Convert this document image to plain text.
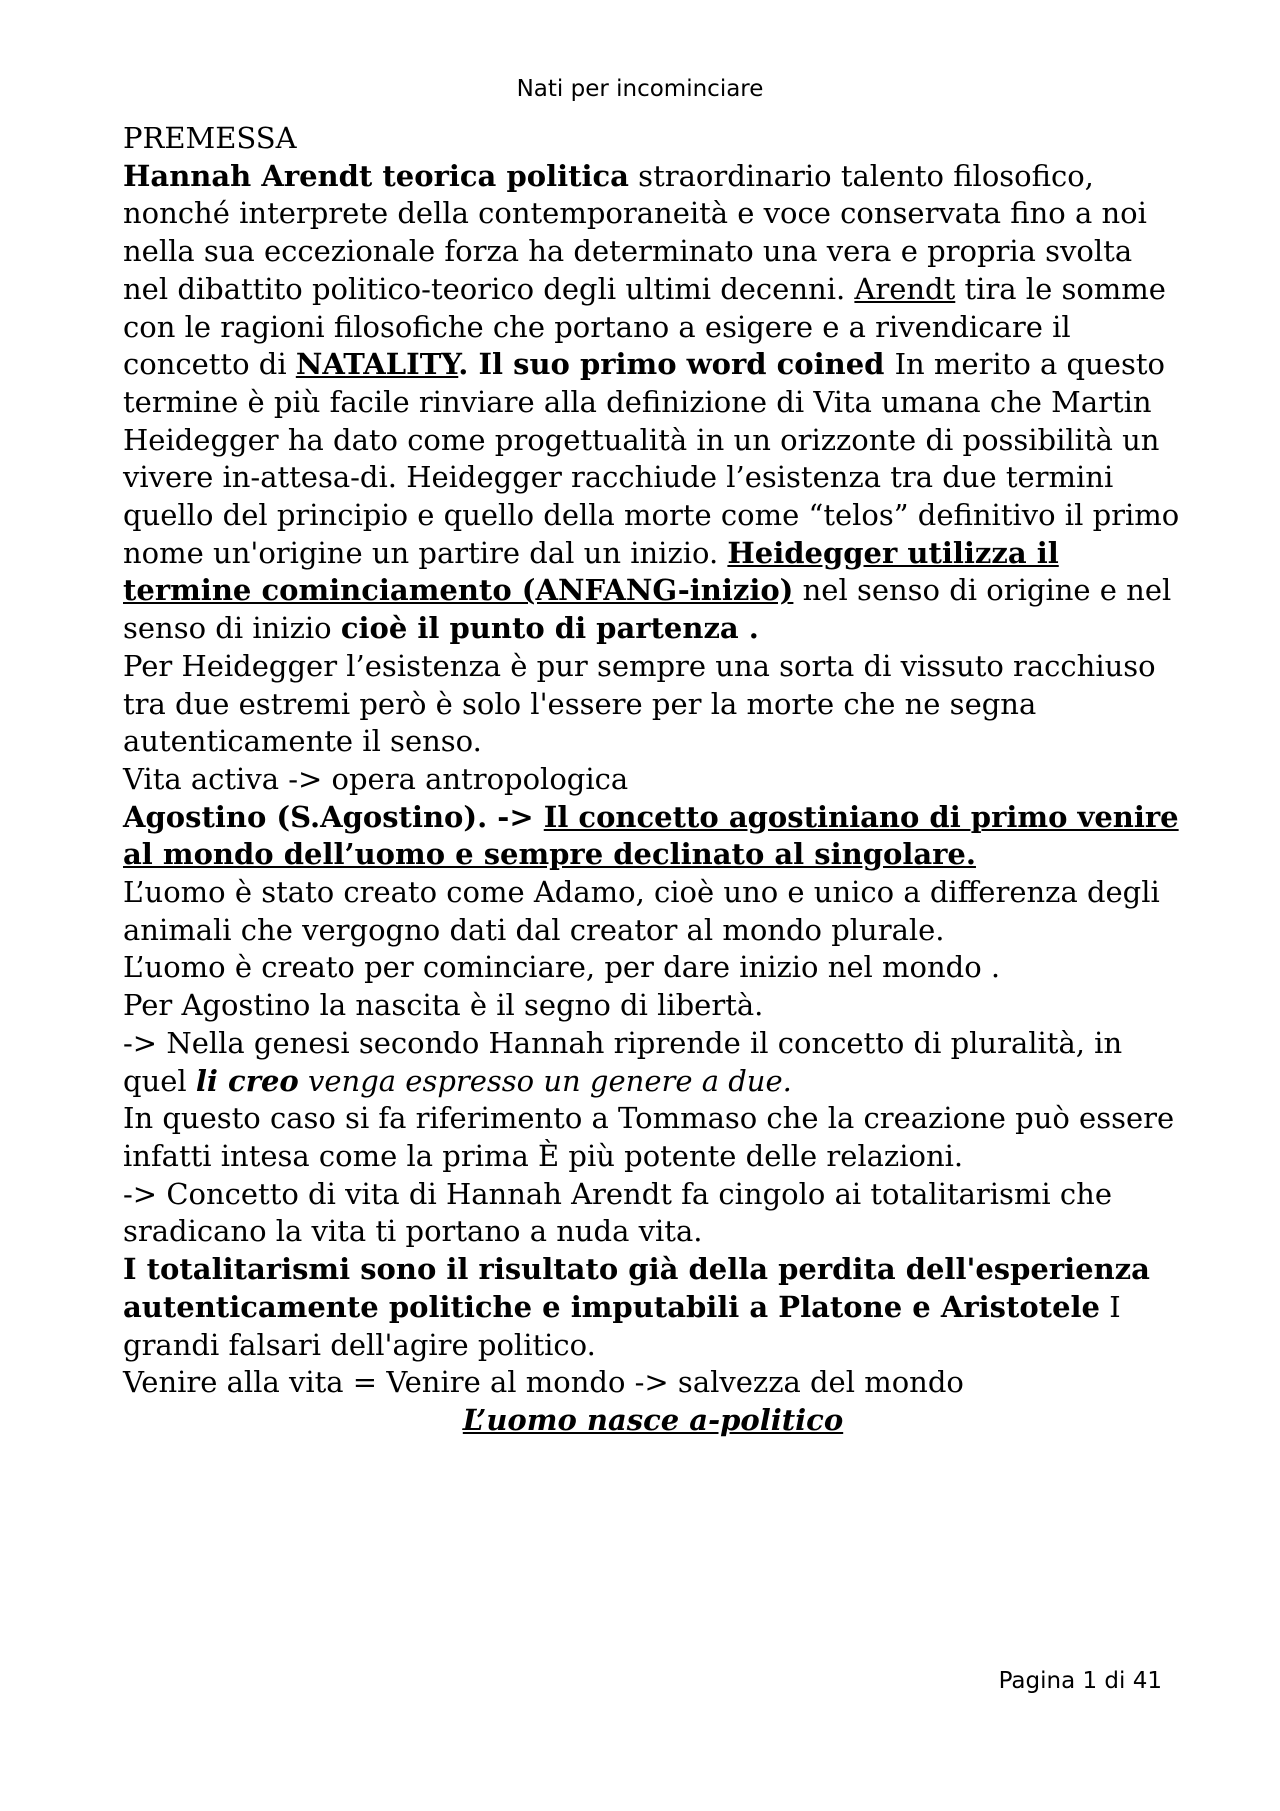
Nati per incominciare

PREMESSA

Hannah Arendt teorica politica straordinario talento filosofico, nonché interprete della contemporaneità e voce conservata fino a noi nella sua eccezionale forza ha determinato una vera e propria svolta nel dibattito politico-teorico degli ultimi decenni. Arendt tira le somme con le ragioni filosofiche che portano a esigere e a rivendicare il concetto di NATALITY. Il suo primo word coined In merito a questo termine è più facile rinviare alla definizione di Vita umana che Martin Heidegger ha dato come progettualità in un orizzonte di possibilità un vivere in-attesa-di. Heidegger racchiude l’esistenza tra due termini quello del principio e quello della morte come “telos” definitivo il primo nome un'origine un partire dal un inizio. Heidegger utilizza il termine cominciamento (ANFANG-inizio) nel senso di origine e nel senso di inizio cioè il punto di partenza .

Per Heidegger l’esistenza è pur sempre una sorta di vissuto racchiuso tra due estremi però è solo l'essere per la morte che ne segna autenticamente il senso.

Vita activa -> opera antropologica

Agostino (S.Agostino). -> Il concetto agostiniano di primo venire al mondo dell’uomo e sempre declinato al singolare.

L’uomo è stato creato come Adamo, cioè uno e unico a differenza degli animali che vergogno dati dal creator al mondo plurale.

L’uomo è creato per cominciare, per dare inizio nel mondo .

Per Agostino la nascita è il segno di libertà.

-> Nella genesi secondo Hannah riprende il concetto di pluralità, in quel li creo venga espresso un genere a due.

In questo caso si fa riferimento a Tommaso che la creazione può essere infatti intesa come la prima È più potente delle relazioni.

-> Concetto di vita di Hannah Arendt fa cingolo ai totalitarismi che sradicano la vita ti portano a nuda vita.

I totalitarismi sono il risultato già della perdita dell'esperienza autenticamente politiche e imputabili a Platone e Aristotele I grandi falsari dell'agire politico.

Venire alla vita = Venire al mondo -> salvezza del mondo

L’uomo nasce a-politico

Pagina 1 di 41
